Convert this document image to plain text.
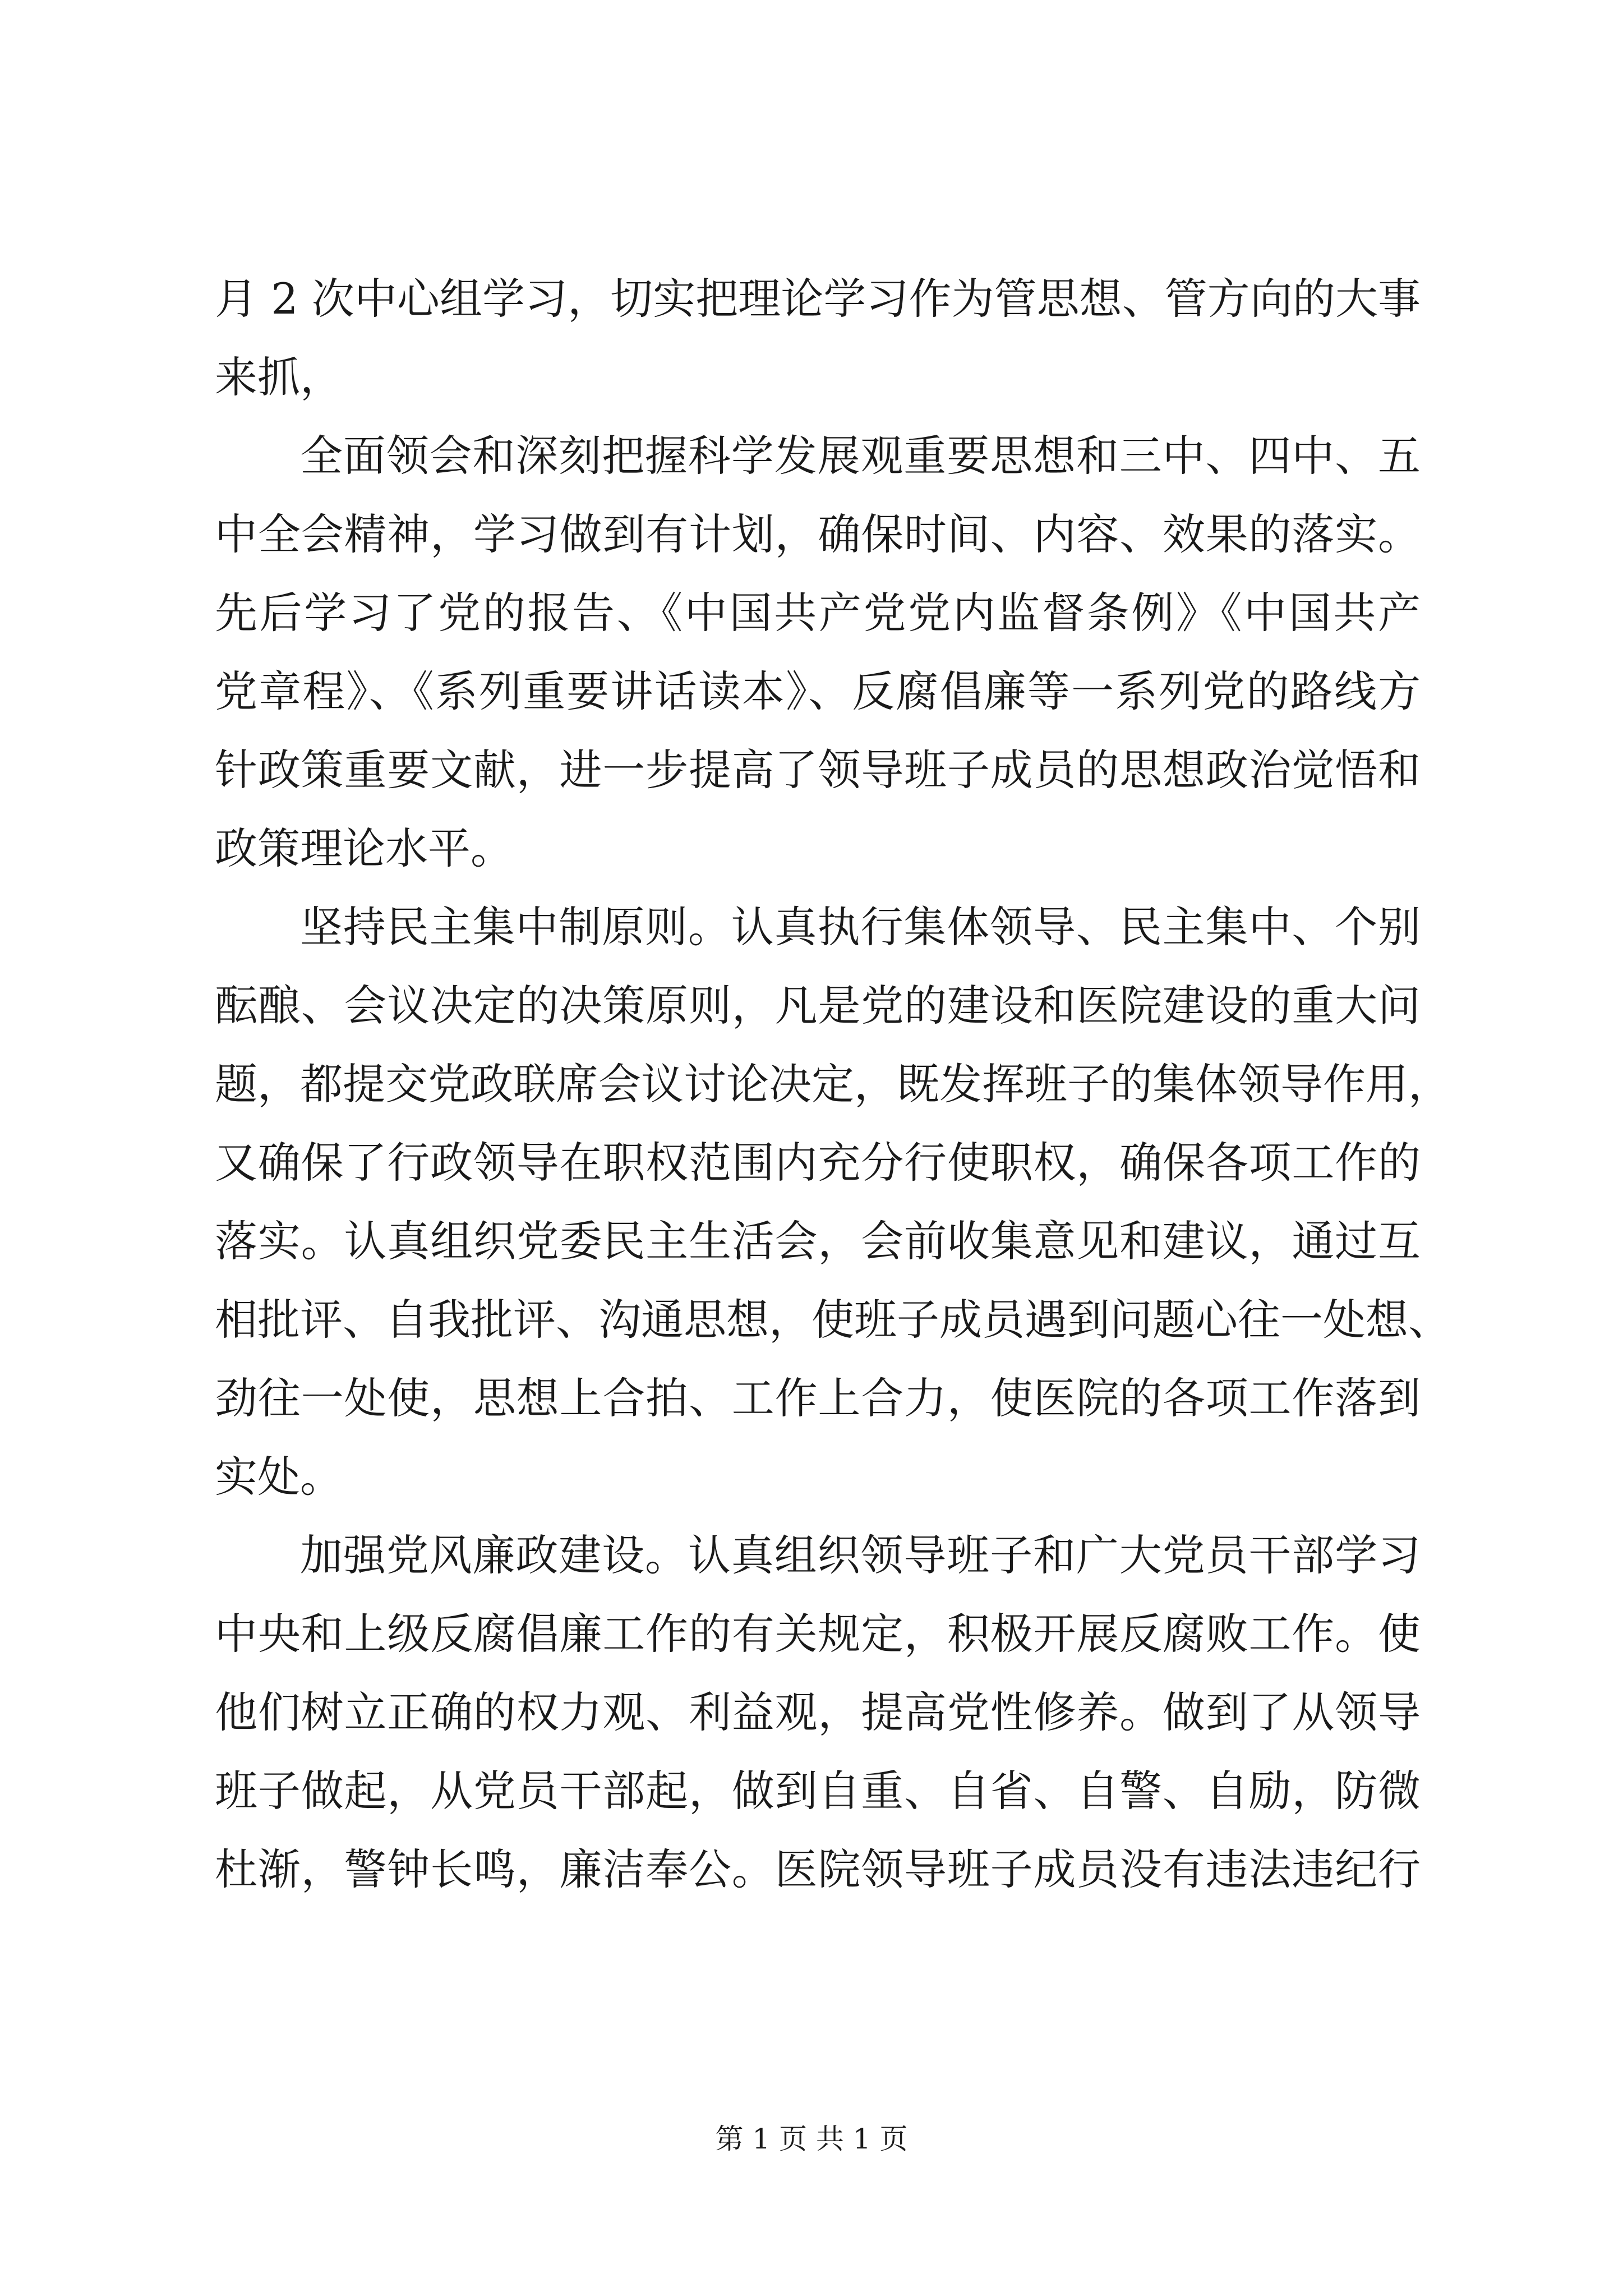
月 2 次中心组学习，切实把理论学习作为管思想、管方向的大事
来抓，
全面领会和深刻把握科学发展观重要思想和三中、四中、五
中全会精神，学习做到有计划，确保时间、内容、效果的落实。
先后学习了党的报告、《中国共产党党内监督条例》《中国共产
党章程》、《系列重要讲话读本》、反腐倡廉等一系列党的路线方
针政策重要文献，进一步提高了领导班子成员的思想政治觉悟和
政策理论水平。
坚持民主集中制原则。认真执行集体领导、民主集中、个别
酝酿、会议决定的决策原则，凡是党的建设和医院建设的重大问
题，都提交党政联席会议讨论决定，既发挥班子的集体领导作用，
又确保了行政领导在职权范围内充分行使职权，确保各项工作的
落实。认真组织党委民主生活会，会前收集意见和建议，通过互
相批评、自我批评、沟通思想，使班子成员遇到问题心往一处想、
劲往一处使，思想上合拍、工作上合力，使医院的各项工作落到
实处。
加强党风廉政建设。认真组织领导班子和广大党员干部学习
中央和上级反腐倡廉工作的有关规定，积极开展反腐败工作。使
他们树立正确的权力观、利益观，提高党性修养。做到了从领导
班子做起，从党员干部起，做到自重、自省、自警、自励，防微
杜渐，警钟长鸣，廉洁奉公。医院领导班子成员没有违法违纪行
第 1 页 共 1 页
